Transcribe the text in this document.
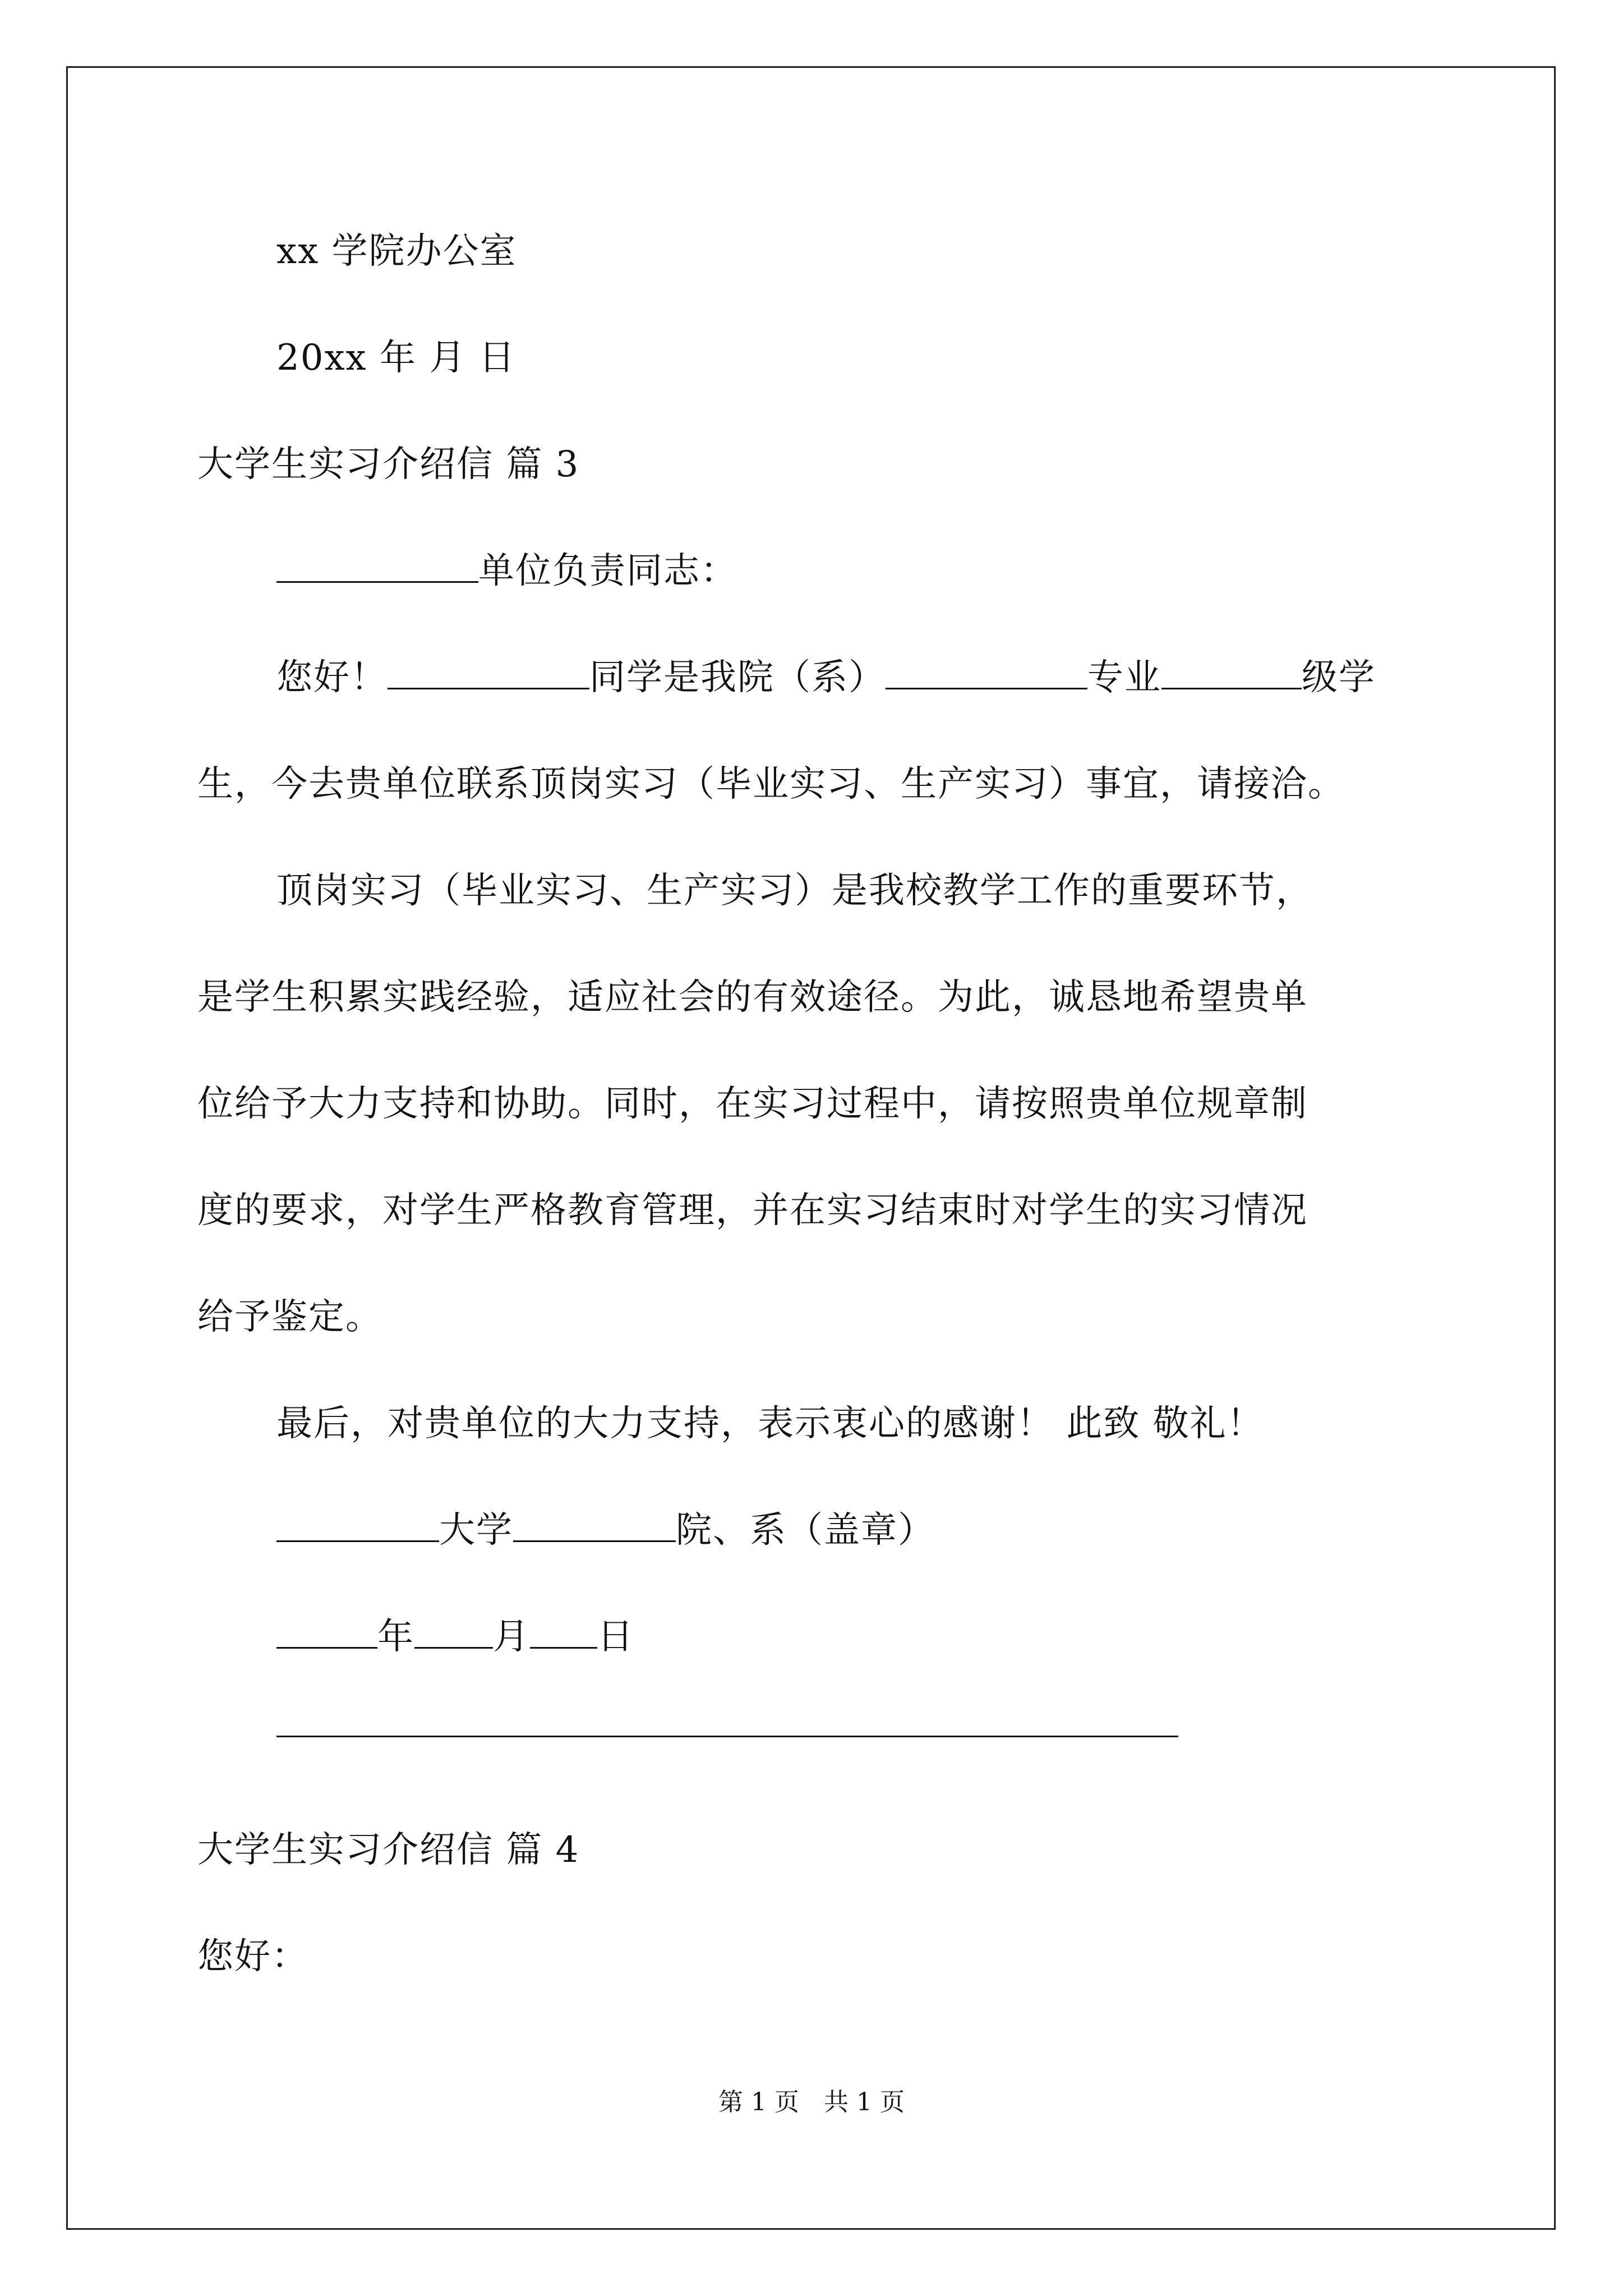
xx 学院办公室
20xx 年 月 日
大学生实习介绍信 篇 3
单位负责同志：
您好！	同学是我院（系）	专业	级学
生，今去贵单位联系顶岗实习（毕业实习、生产实习）事宜，请接洽。
顶岗实习（毕业实习、生产实习）是我校教学工作的重要环节，
是学生积累实践经验，适应社会的有效途径。为此，诚恳地希望贵单
位给予大力支持和协助。同时，在实习过程中，请按照贵单位规章制
度的要求，对学生严格教育管理，并在实习结束时对学生的实习情况
给予鉴定。
最后，对贵单位的大力支持，表示衷心的感谢！ 此致 敬礼！
大学	院、系（盖章）
年 月 日
大学生实习介绍信 篇 4
您好：
第 1 页 共 1 页
